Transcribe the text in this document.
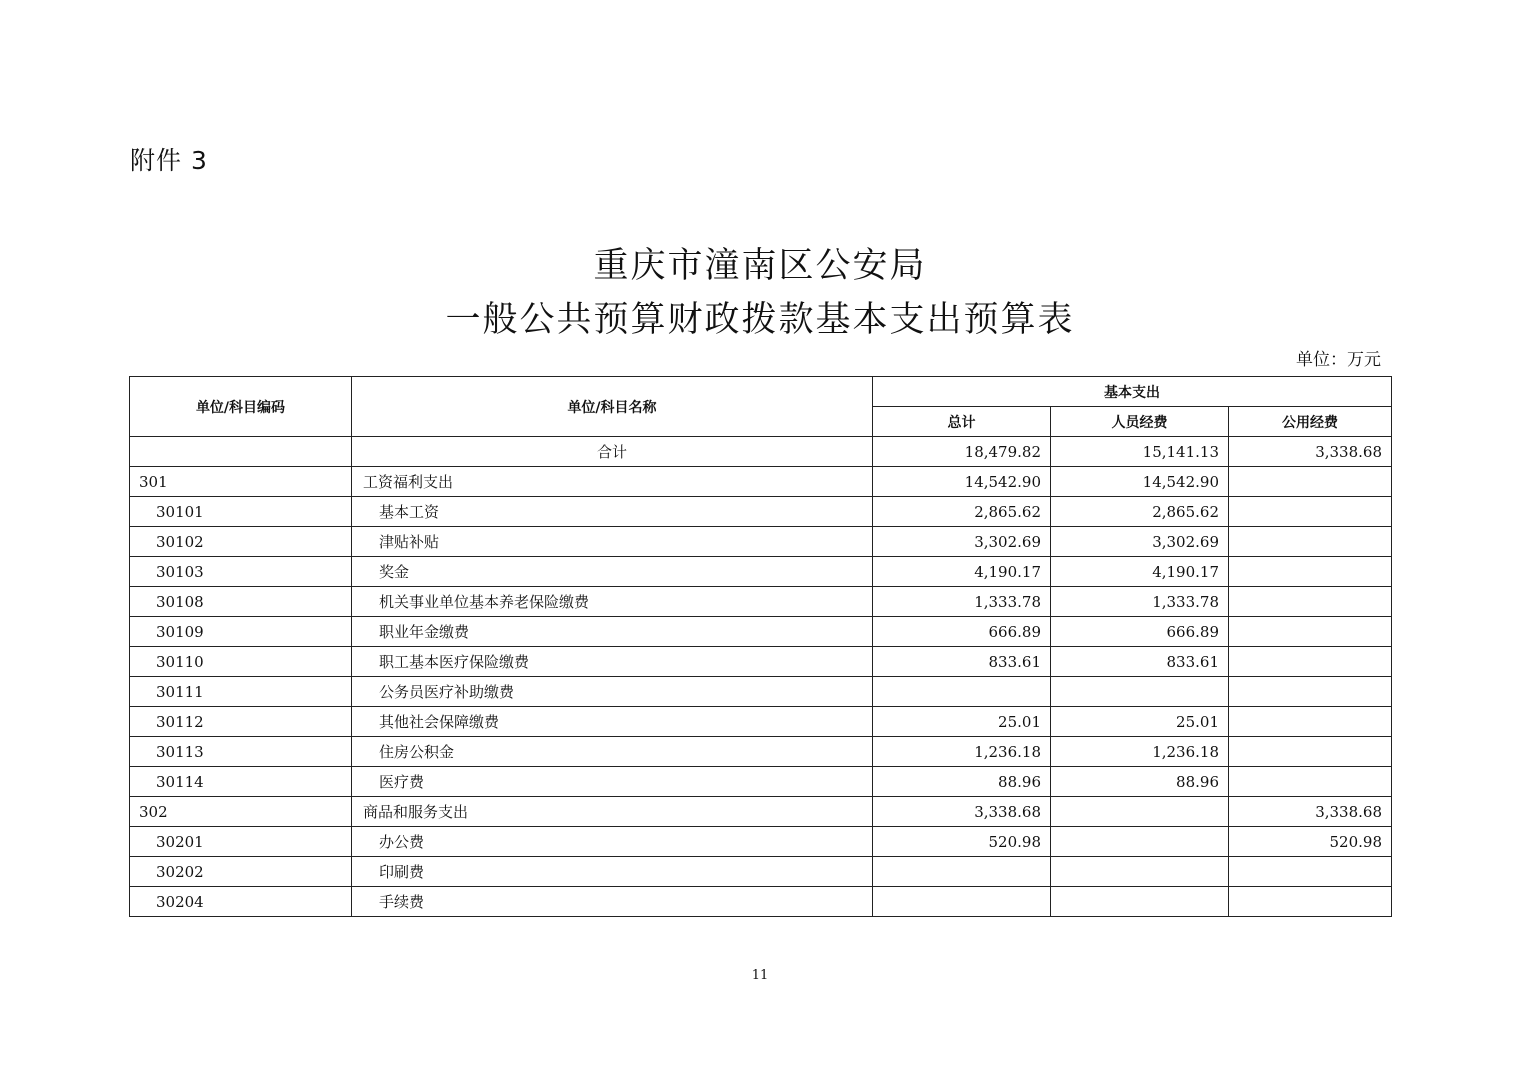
附件 3
重庆市潼南区公安局
一般公共预算财政拨款基本支出预算表
单位：万元
单位/科目编码	单位/科目名称	基本支出		
		总计	人员经费	公用经费
	合计	18,479.82	15,141.13	3,338.68
301	工资福利支出	14,542.90	14,542.90	
30101	基本工资	2,865.62	2,865.62	
30102	津贴补贴	3,302.69	3,302.69	
30103	奖金	4,190.17	4,190.17	
30108	机关事业单位基本养老保险缴费	1,333.78	1,333.78	
30109	职业年金缴费	666.89	666.89	
30110	职工基本医疗保险缴费	833.61	833.61	
30111	公务员医疗补助缴费			
30112	其他社会保障缴费	25.01	25.01	
30113	住房公积金	1,236.18	1,236.18	
30114	医疗费	88.96	88.96	
302	商品和服务支出	3,338.68		3,338.68
30201	办公费	520.98		520.98
30202	印刷费			
30204	手续费			
11
